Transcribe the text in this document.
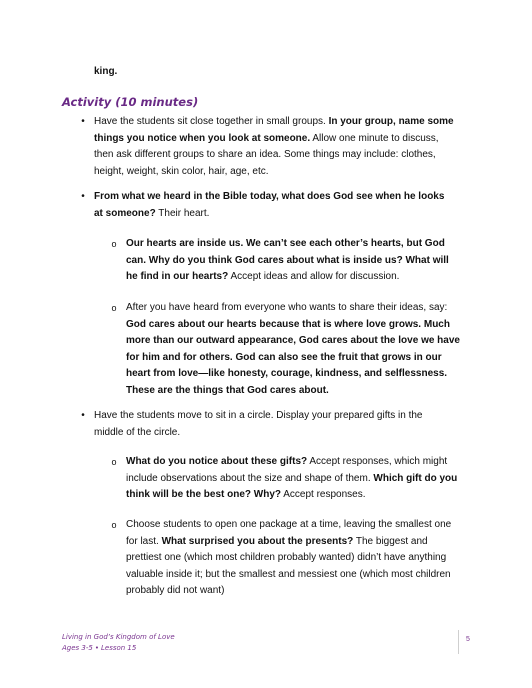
king.
Activity (10 minutes)
• Have the students sit close together in small groups. In your group, name some things you notice when you look at someone. Allow one minute to discuss, then ask different groups to share an idea. Some things may include: clothes, height, weight, skin color, hair, age, etc.
• From what we heard in the Bible today, what does God see when he looks at someone? Their heart.
o Our hearts are inside us. We can’t see each other’s hearts, but God can. Why do you think God cares about what is inside us? What will he find in our hearts? Accept ideas and allow for discussion.
o After you have heard from everyone who wants to share their ideas, say: God cares about our hearts because that is where love grows. Much more than our outward appearance, God cares about the love we have for him and for others. God can also see the fruit that grows in our heart from love—like honesty, courage, kindness, and selflessness. These are the things that God cares about.
• Have the students move to sit in a circle. Display your prepared gifts in the middle of the circle.
o What do you notice about these gifts? Accept responses, which might include observations about the size and shape of them. Which gift do you think will be the best one? Why? Accept responses.
o Choose students to open one package at a time, leaving the smallest one for last. What surprised you about the presents? The biggest and prettiest one (which most children probably wanted) didn’t have anything valuable inside it; but the smallest and messiest one (which most children probably did not want)
Living in God’s Kingdom of Love
Ages 3-5 • Lesson 15
5
